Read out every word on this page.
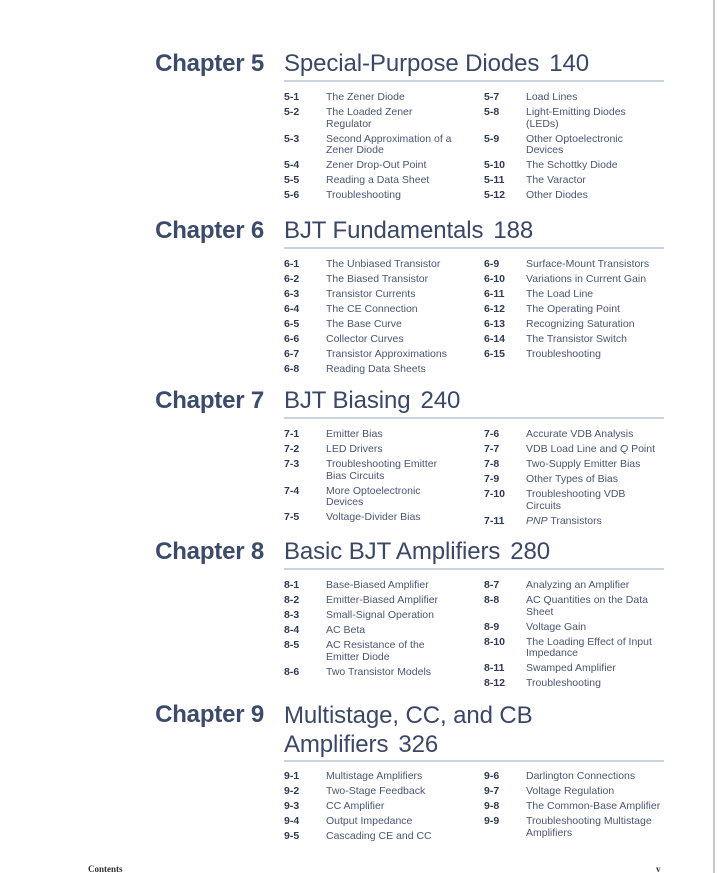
Chapter 5 Special-Purpose Diodes 140
5-1	The Zener Diode
5-2	The Loaded Zener
Regulator
5-3	Second Approximation of a
Zener Diode
5-4	Zener Drop-Out Point
5-5	Reading a Data Sheet
5-6	Troubleshooting
5-7	Load Lines
5-8	Light-Emitting Diodes
(LEDs)
5-9	Other Optoelectronic
Devices
5-10 The Schottky Diode
5-11 The Varactor
5-12 Other Diodes
Chapter 6 BJT Fundamentals 188
6-1	The Unbiased Transistor
6-2	The Biased Transistor
6-3	Transistor Currents
6-4	The CE Connection
6-5	The Base Curve
6-6	Collector Curves
6-7	Transistor Approximations
6-8	Reading Data Sheets
6-9	Surface-Mount Transistors
6-10 Variations in Current Gain
6-11 The Load Line
6-12 The Operating Point
6-13 Recognizing Saturation
6-14 The Transistor Switch
6-15 Troubleshooting
Chapter 7 BJT Biasing 240
7-1	Emitter Bias
7-2	LED Drivers
7-3	Troubleshooting Emitter
Bias Circuits
7-4	More Optoelectronic
Devices
7-5	Voltage-Divider Bias
7-6	Accurate VDB Analysis
7-7	VDB Load Line and Q Point
7-8	Two-Supply Emitter Bias
7-9	Other Types of Bias
7-10 Troubleshooting VDB
Circuits
7-11 PNP Transistors
Chapter 8 Basic BJT Amplifiers 280
8-1	Base-Biased Amplifier
8-2	Emitter-Biased Amplifier
8-3	Small-Signal Operation
8-4	AC Beta
8-5	AC Resistance of the
Emitter Diode
8-6	Two Transistor Models
8-7	Analyzing an Amplifier
8-8	AC Quantities on the Data
Sheet
8-9	Voltage Gain
8-10 The Loading Effect of Input
Impedance
8-11 Swamped Amplifier
8-12 Troubleshooting
Chapter 9 Multistage, CC, and CB
Amplifiers 326
9-1	Multistage Amplifiers
9-2	Two-Stage Feedback
9-3	CC Amplifier
9-4	Output Impedance
9-5	Cascading CE and CC
9-6	Darlington Connections
9-7	Voltage Regulation
9-8	The Common-Base Amplifier
9-9	Troubleshooting Multistage
Amplifiers
Contents	v
